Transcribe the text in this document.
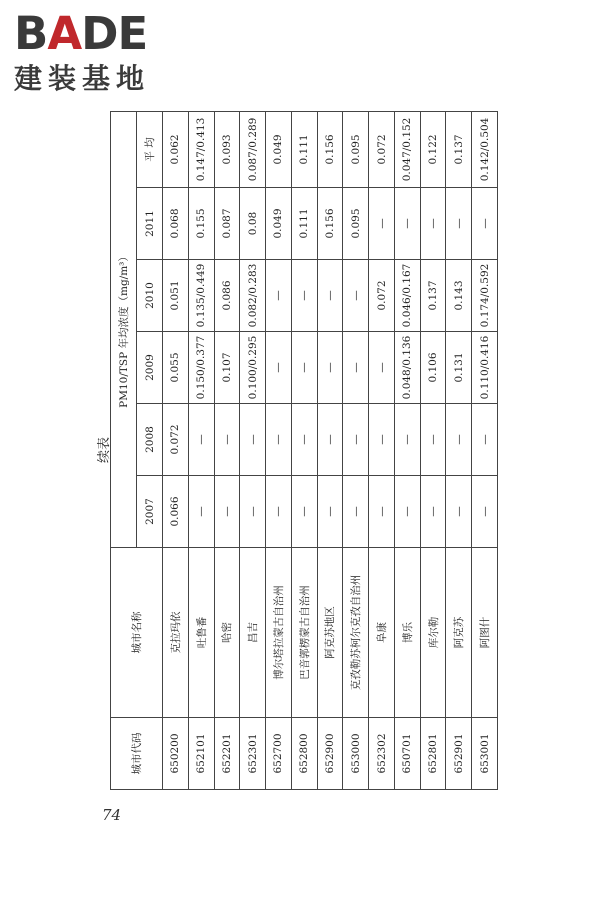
BADE
建装基地
续表
城市代码	城市名称	PM10/TSP 年均浓度（mg/m³）					
		2007	2008	2009	2010	2011	平 均
650200	克拉玛依	0.066	0.072	0.055	0.051	0.068	0.062
652101	吐鲁番	—	—	0.150/0.377	0.135/0.449	0.155	0.147/0.413
652201	哈密	—	—	0.107	0.086	0.087	0.093
652301	昌吉	—	—	0.100/0.295	0.082/0.283	0.08	0.087/0.289
652700	博尔塔拉蒙古自治州	—	—	—	—	0.049	0.049
652800	巴音郭楞蒙古自治州	—	—	—	—	0.111	0.111
652900	阿克苏地区	—	—	—	—	0.156	0.156
653000	克孜勒苏柯尔克孜自治州	—	—	—	—	0.095	0.095
652302	阜康	—	—	—	0.072	—	0.072
650701	博乐	—	—	0.048/0.136	0.046/0.167	—	0.047/0.152
652801	库尔勒	—	—	0.106	0.137	—	0.122
652901	阿克苏	—	—	0.131	0.143	—	0.137
653001	阿图什	—	—	0.110/0.416	0.174/0.592	—	0.142/0.504
74
